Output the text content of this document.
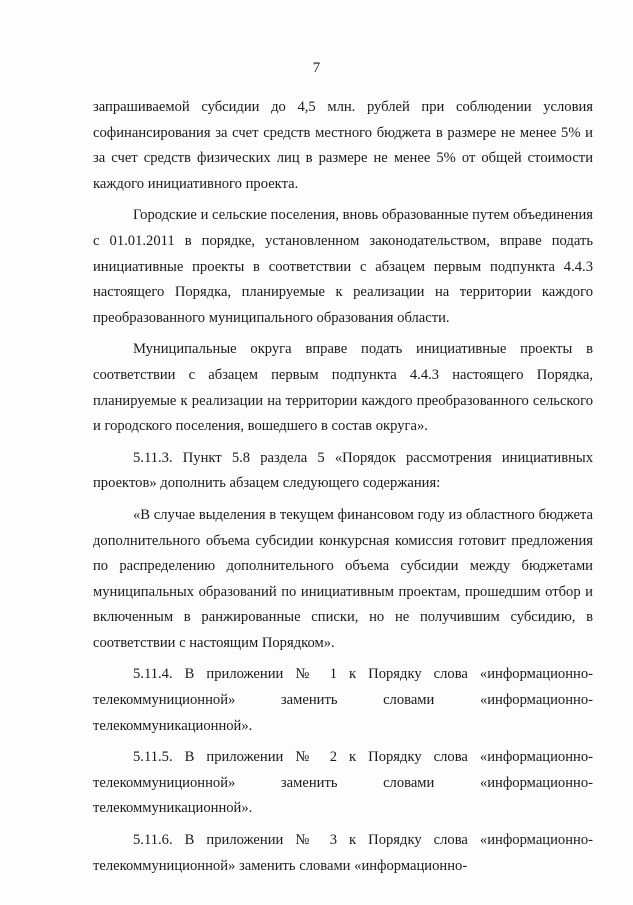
7

запрашиваемой субсидии до 4,5 млн. рублей при соблюдении условия софинансирования за счет средств местного бюджета в размере не менее 5% и за счет средств физических лиц в размере не менее 5% от общей стоимости каждого инициативного проекта.

Городские и сельские поселения, вновь образованные путем объединения с 01.01.2011 в порядке, установленном законодательством, вправе подать инициативные проекты в соответствии с абзацем первым подпункта 4.4.3 настоящего Порядка, планируемые к реализации на территории каждого преобразованного муниципального образования области.

Муниципальные округа вправе подать инициативные проекты в соответствии с абзацем первым подпункта 4.4.3 настоящего Порядка, планируемые к реализации на территории каждого преобразованного сельского и городского поселения, вошедшего в состав округа».

5.11.3. Пункт 5.8 раздела 5 «Порядок рассмотрения инициативных проектов» дополнить абзацем следующего содержания:

«В случае выделения в текущем финансовом году из областного бюджета дополнительного объема субсидии конкурсная комиссия готовит предложения по распределению дополнительного объема субсидии между бюджетами муниципальных образований по инициативным проектам, прошедшим отбор и включенным в ранжированные списки, но не получившим субсидию, в соответствии с настоящим Порядком».

5.11.4. В приложении № 1 к Порядку слова «информационно-телекоммуниционной» заменить словами «информационно-телекоммуникационной».

5.11.5. В приложении № 2 к Порядку слова «информационно-телекоммуниционной» заменить словами «информационно-телекоммуникационной».

5.11.6. В приложении № 3 к Порядку слова «информационно-телекоммуниционной» заменить словами «информационно-
